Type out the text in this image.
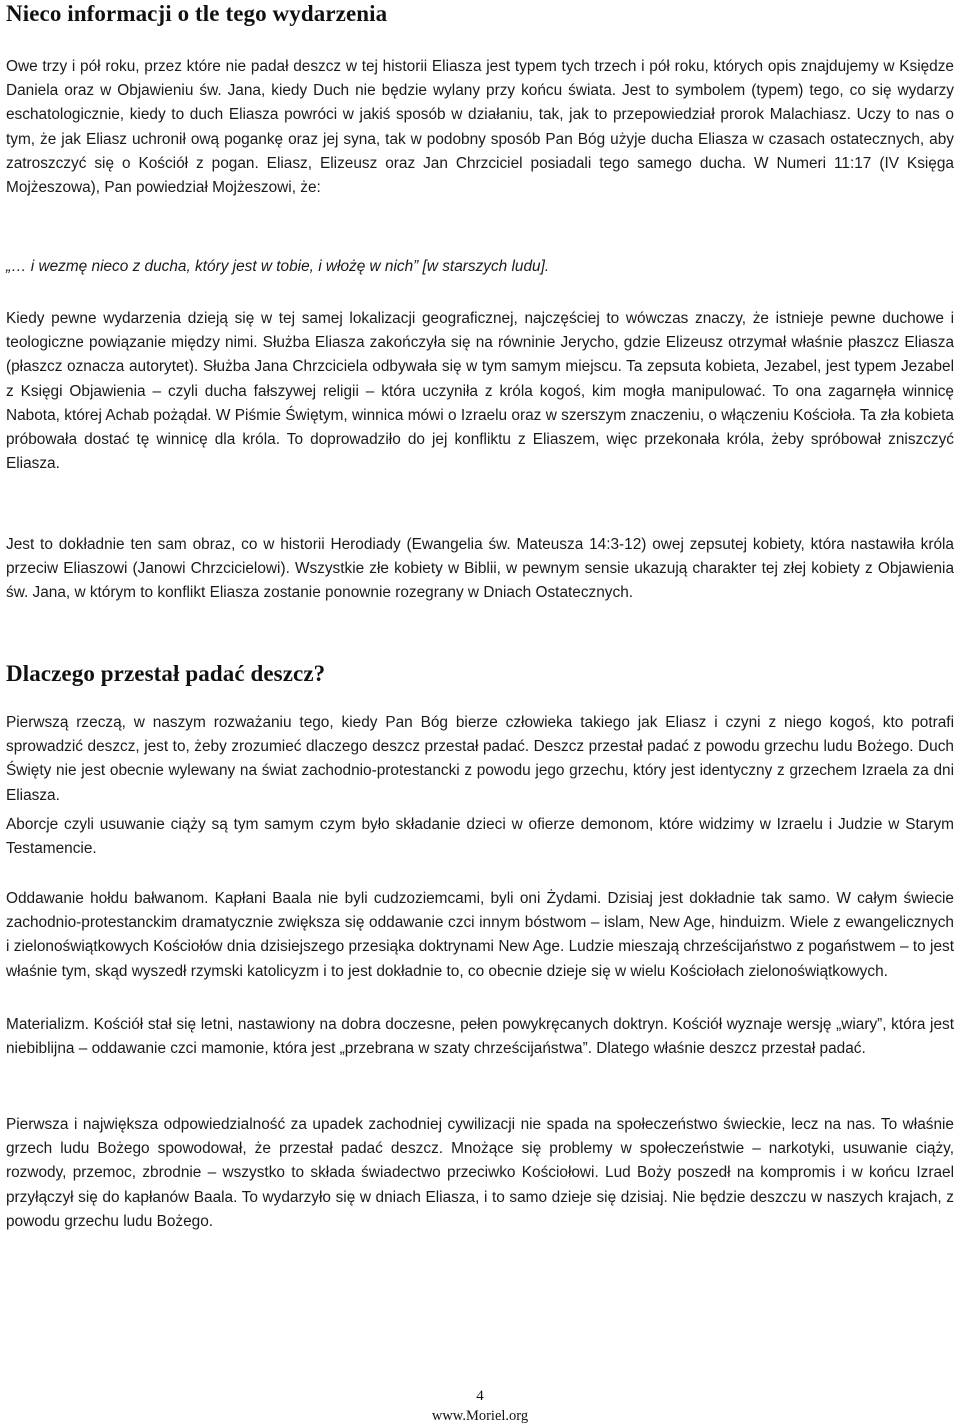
Nieco informacji o tle tego wydarzenia

Owe trzy i pół roku, przez które nie padał deszcz w tej historii Eliasza jest typem tych trzech i pół roku, których opis znajdujemy w Księdze Daniela oraz w Objawieniu św. Jana, kiedy Duch nie będzie wylany przy końcu świata. Jest to symbolem (typem) tego, co się wydarzy eschatologicznie, kiedy to duch Eliasza powróci w jakiś sposób w działaniu, tak, jak to przepowiedział prorok Malachiasz. Uczy to nas o tym, że jak Eliasz uchronił ową pogankę oraz jej syna, tak w podobny sposób Pan Bóg użyje ducha Eliasza w czasach ostatecznych, aby zatroszczyć się o Kościół z pogan. Eliasz, Elizeusz oraz Jan Chrzciciel posiadali tego samego ducha. W Numeri 11:17 (IV Księga Mojżeszowa), Pan powiedział Mojżeszowi, że:

„… i wezmę nieco z ducha, który jest w tobie, i włożę w nich” [w starszych ludu].

Kiedy pewne wydarzenia dzieją się w tej samej lokalizacji geograficznej, najczęściej to wówczas znaczy, że istnieje pewne duchowe i teologiczne powiązanie między nimi. Służba Eliasza zakończyła się na równinie Jerycho, gdzie Elizeusz otrzymał właśnie płaszcz Eliasza (płaszcz oznacza autorytet). Służba Jana Chrzciciela odbywała się w tym samym miejscu. Ta zepsuta kobieta, Jezabel, jest typem Jezabel z Księgi Objawienia – czyli ducha fałszywej religii – która uczyniła z króla kogoś, kim mogła manipulować. To ona zagarnęła winnicę Nabota, której Achab pożądał. W Piśmie Świętym, winnica mówi o Izraelu oraz w szerszym znaczeniu, o włączeniu Kościoła. Ta zła kobieta próbowała dostać tę winnicę dla króla. To doprowadziło do jej konfliktu z Eliaszem, więc przekonała króla, żeby spróbował zniszczyć Eliasza.

Jest to dokładnie ten sam obraz, co w historii Herodiady (Ewangelia św. Mateusza 14:3-12) owej zepsutej kobiety, która nastawiła króla przeciw Eliaszowi (Janowi Chrzcicielowi). Wszystkie złe kobiety w Biblii, w pewnym sensie ukazują charakter tej złej kobiety z Objawienia św. Jana, w którym to konflikt Eliasza zostanie ponownie rozegrany w Dniach Ostatecznych.

Dlaczego przestał padać deszcz?

Pierwszą rzeczą, w naszym rozważaniu tego, kiedy Pan Bóg bierze człowieka takiego jak Eliasz i czyni z niego kogoś, kto potrafi sprowadzić deszcz, jest to, żeby zrozumieć dlaczego deszcz przestał padać. Deszcz przestał padać z powodu grzechu ludu Bożego. Duch Święty nie jest obecnie wylewany na świat zachodnio-protestancki z powodu jego grzechu, który jest identyczny z grzechem Izraela za dni Eliasza.

Aborcje czyli usuwanie ciąży są tym samym czym było składanie dzieci w ofierze demonom, które widzimy w Izraelu i Judzie w Starym Testamencie.

Oddawanie hołdu bałwanom. Kapłani Baala nie byli cudzoziemcami, byli oni Żydami. Dzisiaj jest dokładnie tak samo. W całym świecie zachodnio-protestanckim dramatycznie zwiększa się oddawanie czci innym bóstwom – islam, New Age, hinduizm. Wiele z ewangelicznych i zielonoświątkowych Kościołów dnia dzisiejszego przesiąka doktrynami New Age. Ludzie mieszają chrześcijaństwo z pogaństwem – to jest właśnie tym, skąd wyszedł rzymski katolicyzm i to jest dokładnie to, co obecnie dzieje się w wielu Kościołach zielonoświątkowych.

Materializm. Kościół stał się letni, nastawiony na dobra doczesne, pełen powykręcanych doktryn. Kościół wyznaje wersję „wiary”, która jest niebiblijna – oddawanie czci mamonie, która jest „przebrana w szaty chrześcijaństwa”. Dlatego właśnie deszcz przestał padać.

Pierwsza i największa odpowiedzialność za upadek zachodniej cywilizacji nie spada na społeczeństwo świeckie, lecz na nas. To właśnie grzech ludu Bożego spowodował, że przestał padać deszcz. Mnożące się problemy w społeczeństwie – narkotyki, usuwanie ciąży, rozwody, przemoc, zbrodnie – wszystko to składa świadectwo przeciwko Kościołowi. Lud Boży poszedł na kompromis i w końcu Izrael przyłączył się do kapłanów Baala. To wydarzyło się w dniach Eliasza, i to samo dzieje się dzisiaj. Nie będzie deszczu w naszych krajach, z powodu grzechu ludu Bożego.

4
www.Moriel.org
